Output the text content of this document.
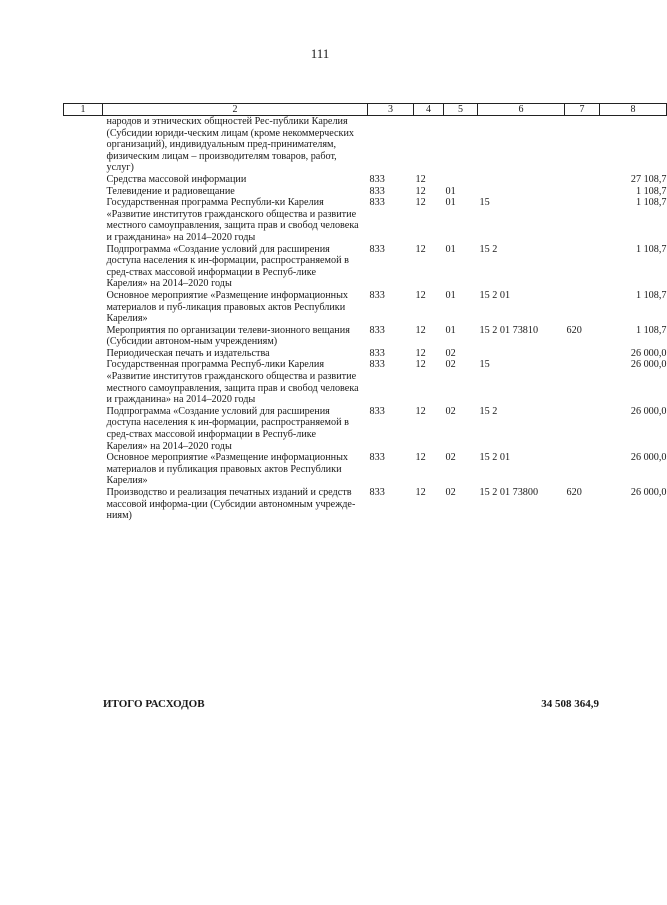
111
1	2	3	4	5	6	7	8
	народов и этнических общностей Рес-публики Карелия (Субсидии юриди-ческим лицам (кроме некоммерческих организаций), индивидуальным пред-принимателям, физическим лицам – производителям товаров, работ, услуг)						
	Средства массовой информации	833	12				27 108,7
	Телевидение и радиовещание	833	12	01			1 108,7
	Государственная программа Республи-ки Карелия «Развитие институтов гражданского общества и развитие местного самоуправления, защита прав и свобод человека и гражданина» на 2014–2020 годы	833	12	01	15		1 108,7
	Подпрограмма «Создание условий для расширения доступа населения к ин-формации, распространяемой в сред-ствах массовой информации в Респуб-лике Карелия» на 2014–2020 годы	833	12	01	15 2		1 108,7
	Основное мероприятие «Размещение информационных материалов и пуб-ликация правовых актов Республики Карелия»	833	12	01	15 2 01		1 108,7
	Мероприятия по организации телеви-зионного вещания (Субсидии автоном-ным учреждениям)	833	12	01	15 2 01 73810	620	1 108,7
	Периодическая печать и издательства	833	12	02			26 000,0
	Государственная программа Респуб-лики Карелия «Развитие институтов гражданского общества и развитие местного самоуправления, защита прав и свобод человека и гражданина» на 2014–2020 годы	833	12	02	15		26 000,0
	Подпрограмма «Создание условий для расширения доступа населения к ин-формации, распространяемой в сред-ствах массовой информации в Респуб-лике Карелия» на 2014–2020 годы	833	12	02	15 2		26 000,0
	Основное мероприятие «Размещение информационных материалов и публикация правовых актов Республики Карелия»	833	12	02	15 2 01		26 000,0
	Производство и реализация печатных изданий и средств массовой информа-ции (Субсидии автономным учрежде-ниям)	833	12	02	15 2 01 73800	620	26 000,0
ИТОГО РАСХОДОВ	34 508 364,9
